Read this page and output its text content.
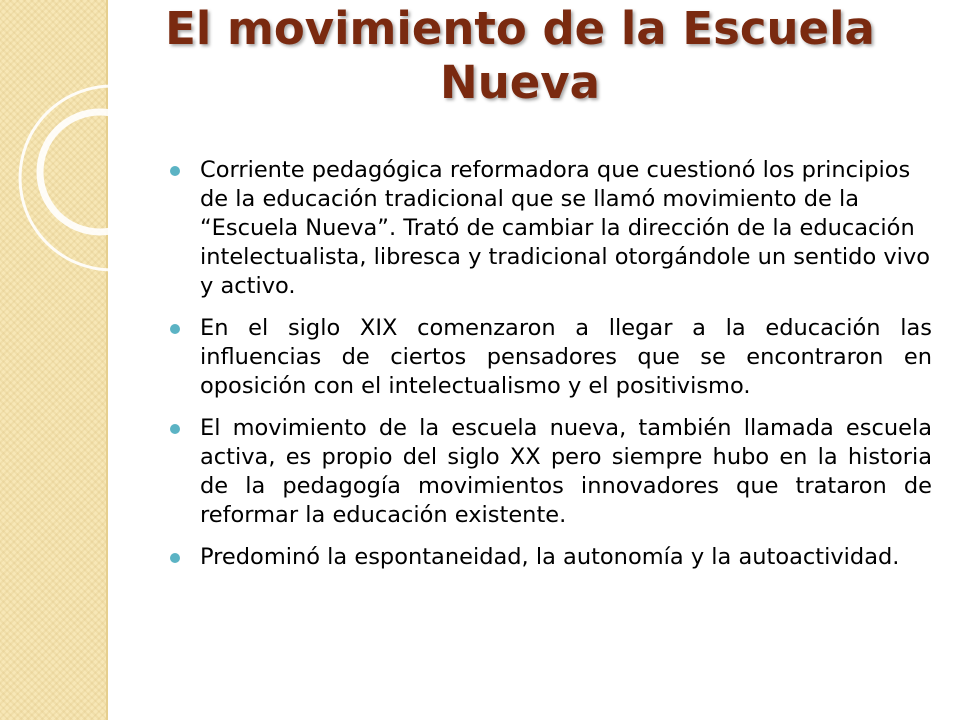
El movimiento de la Escuela Nueva
Corriente pedagógica reformadora que cuestionó los principios de la educación tradicional que se llamó movimiento de la “Escuela Nueva”. Trató de cambiar la dirección de la educación intelectualista, libresca y tradicional otorgándole un sentido vivo y activo.
En el siglo XIX comenzaron a llegar a la educación las influencias de ciertos pensadores que se encontraron en oposición con el intelectualismo y el positivismo.
El movimiento de la escuela nueva, también llamada escuela activa, es propio del siglo XX pero siempre hubo en la historia de la pedagogía movimientos innovadores que trataron de reformar la educación existente.
Predominó la espontaneidad, la autonomía y la autoactividad.
